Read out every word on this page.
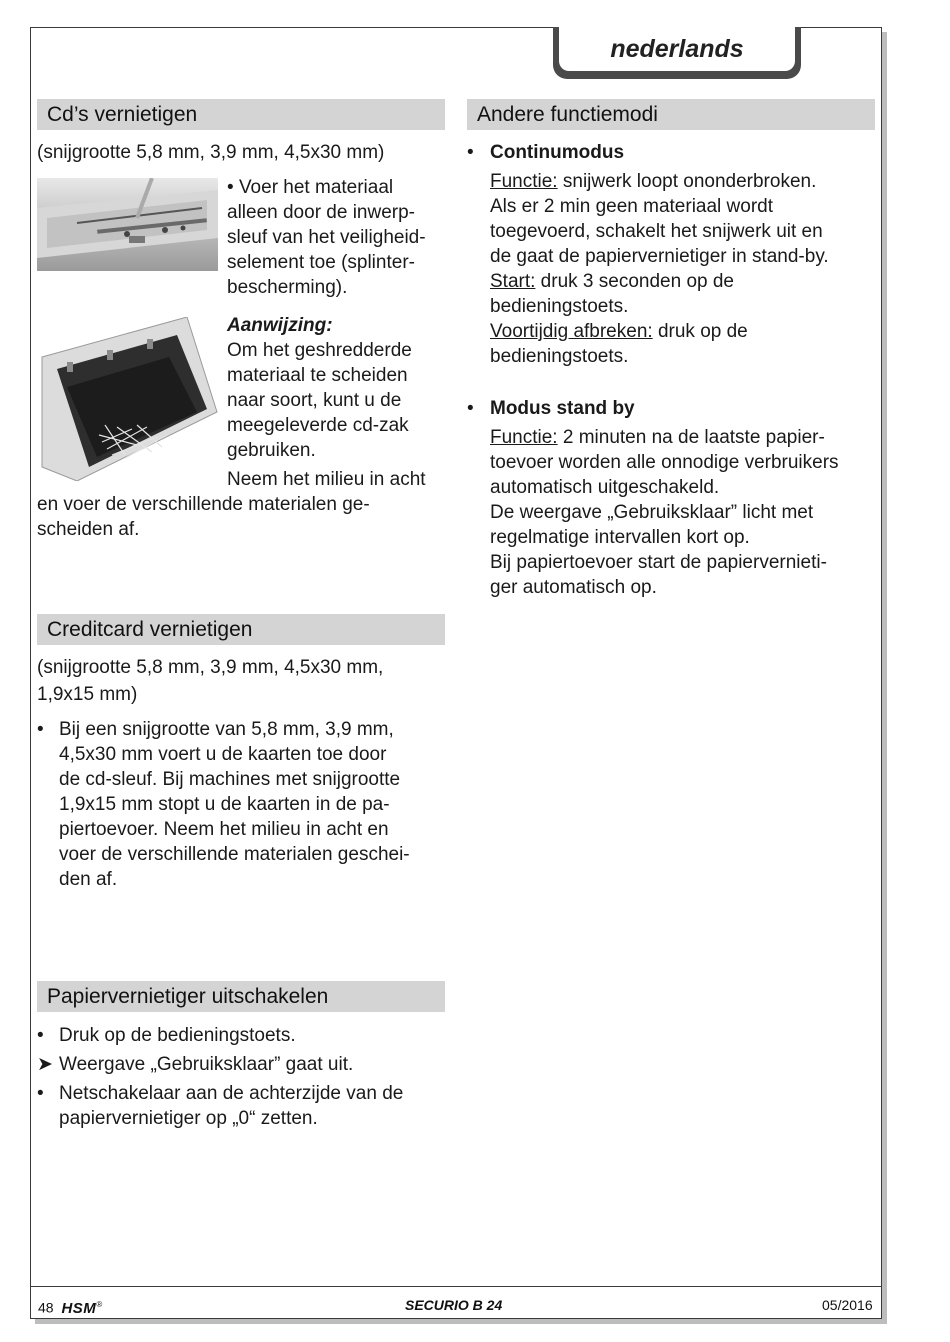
nederlands
Cd’s vernietigen
(snijgrootte 5,8 mm, 3,9 mm, 4,5x30 mm)

• Voer het materiaal

alleen door de inwerp-

sleuf van het veiligheid-

selement toe (splinter-

bescherming).

Aanwijzing:

Om het geshredderde

materiaal te scheiden

naar soort, kunt u de

meegeleverde cd-zak

gebruiken.

Neem het milieu in acht

en voer de verschillende materialen ge-

scheiden af.

Creditcard vernietigen

(snijgrootte 5,8 mm, 3,9 mm, 4,5x30 mm,

1,9x15 mm)

• Bij een snijgrootte van 5,8 mm, 3,9 mm,

4,5x30 mm voert u de kaarten toe door

de cd-sleuf. Bij machines met snijgrootte

1,9x15 mm stopt u de kaarten in de pa-

piertoevoer. Neem het milieu in acht en

voer de verschillende materialen geschei-

den af.

Papiervernietiger uitschakelen
• Druk op de bedieningstoets.

➤ Weergave „Gebruiksklaar” gaat uit.

• Netschakelaar aan de achterzijde van de

papiervernietiger op „0“ zetten.

Andere functiemodi
• Continumodus

Functie: snijwerk loopt ononderbroken.

Als er 2 min geen materiaal wordt

toegevoerd, schakelt het snijwerk uit en

de gaat de papiervernietiger in stand-by.

Start: druk 3 seconden op de

bedieningstoets.

Voortijdig afbreken: druk op de

bedieningstoets.

• Modus stand by

Functie: 2 minuten na de laatste papier-

toevoer worden alle onnodige verbruikers

automatisch uitgeschakeld.

De weergave „Gebruiksklaar” licht met

regelmatige intervallen kort op.

Bij papiertoevoer start de papiervernieti-

ger automatisch op.

48 HSM®	SECURIO B 24	05/2016
